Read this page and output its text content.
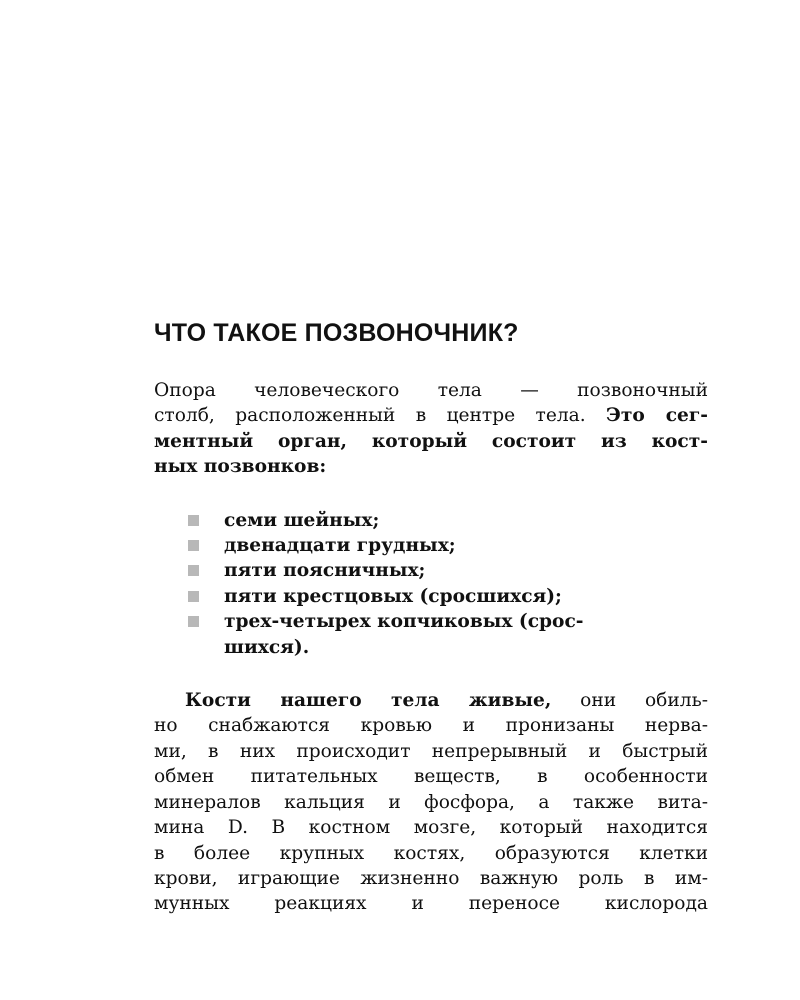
ЧТО ТАКОЕ ПОЗВОНОЧНИК?

Опора человеческого тела — позвоночный
столб, расположенный в центре тела. Это сег-
ментный орган, который состоит из кост-
ных позвонков:

семи шейных;
двенадцати грудных;
пяти поясничных;
пяти крестцовых (сросшихся);
трех-четырех копчиковых (срос-
шихся).

Кости нашего тела живые, они обиль-
но снабжаются кровью и пронизаны нерва-
ми, в них происходит непрерывный и быстрый
обмен питательных веществ, в особенности
минералов кальция и фосфора, а также вита-
мина D. В костном мозге, который находится
в более крупных костях, образуются клетки
крови, играющие жизненно важную роль в им-
мунных реакциях и переносе кислорода
